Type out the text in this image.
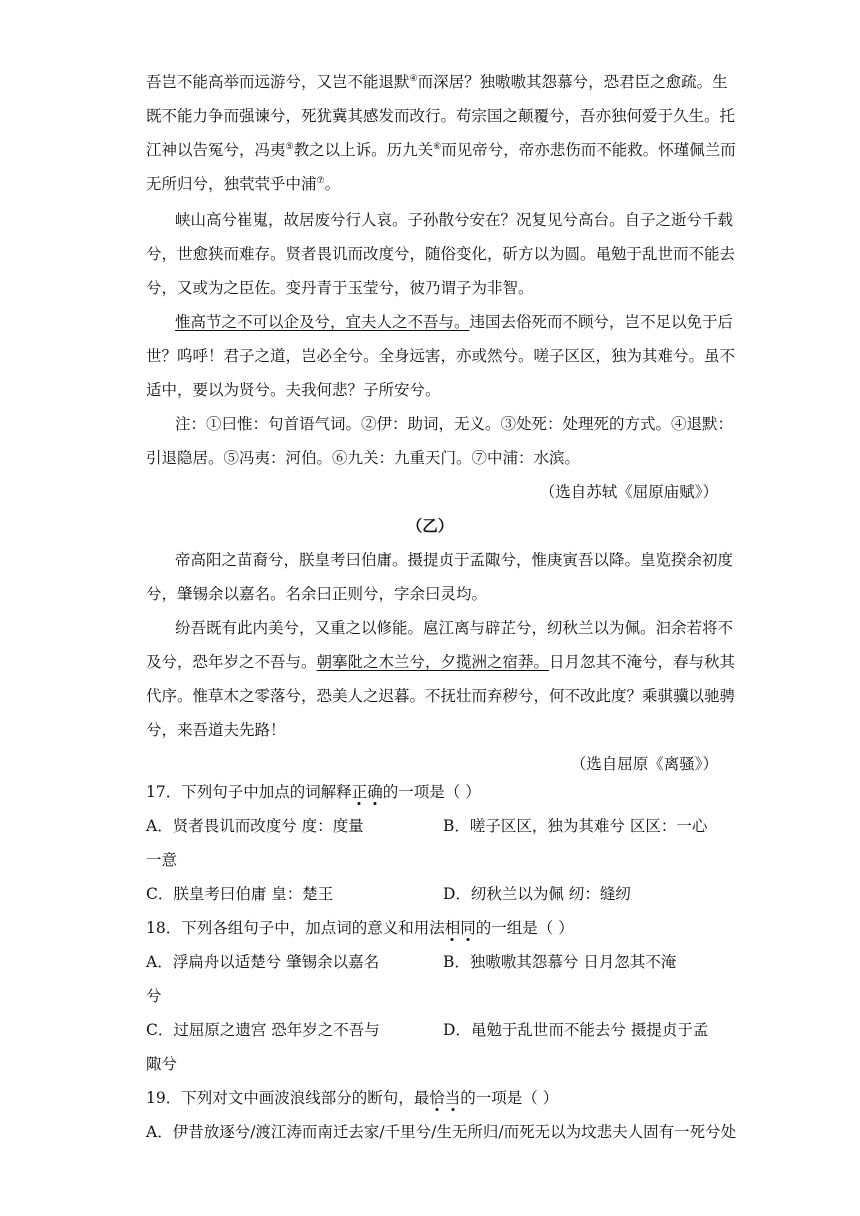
吾岂不能高举而远游兮，又岂不能退默④而深居？独嗷嗷其怨慕兮，恐君臣之愈疏。生
既不能力争而强谏兮，死犹冀其感发而改行。苟宗国之颠覆兮，吾亦独何爱于久生。托
江神以告冤兮，冯夷⑤教之以上诉。历九关⑥而见帝兮，帝亦悲伤而不能救。怀瑾佩兰而
无所归兮，独茕茕乎中浦⑦。
峡山高兮崔嵬，故居废兮行人哀。子孙散兮安在？况复见兮高台。自子之逝兮千载
兮，世愈狭而难存。贤者畏讥而改度兮，随俗变化，斫方以为圆。黾勉于乱世而不能去
兮，又或为之臣佐。变丹青于玉莹兮，彼乃谓子为非智。
惟高节之不可以企及兮，宜夫人之不吾与。违国去俗死而不顾兮，岂不足以免于后
世？呜呼！君子之道，岂必全兮。全身远害，亦或然兮。嗟子区区，独为其难兮。虽不
适中，要以为贤兮。夫我何悲？子所安兮。
注：①曰惟：句首语气词。②伊：助词，无义。③处死：处理死的方式。④退默：
引退隐居。⑤冯夷：河伯。⑥九关：九重天门。⑦中浦：水滨。
（选自苏轼《屈原庙赋》）
（乙）
帝高阳之苗裔兮，朕皇考曰伯庸。摄提贞于孟陬兮，惟庚寅吾以降。皇览揆余初度
兮，肇锡余以嘉名。名余曰正则兮，字余曰灵均。
纷吾既有此内美兮，又重之以修能。扈江离与辟芷兮，纫秋兰以为佩。汩余若将不
及兮，恐年岁之不吾与。朝搴阰之木兰兮，夕揽洲之宿莽。日月忽其不淹兮，春与秋其
代序。惟草木之零落兮，恐美人之迟暮。不抚壮而弃秽兮，何不改此度？乘骐骥以驰骋
兮，来吾道夫先路！
（选自屈原《离骚》）
17．下列句子中加点的词解释正确的一项是（ ）
A．贤者畏讥而改度兮 度：度量	B．嗟子区区，独为其难兮 区区：一心
一意
C．朕皇考曰伯庸 皇：楚王	D．纫秋兰以为佩 纫：缝纫
18．下列各组句子中，加点词的意义和用法相同的一组是（ ）
A．浮扁舟以适楚兮 肇锡余以嘉名	B．独嗷嗷其怨慕兮 日月忽其不淹
兮
C．过屈原之遗宫 恐年岁之不吾与	D．黾勉于乱世而不能去兮 摄提贞于孟
陬兮
19．下列对文中画波浪线部分的断句，最恰当的一项是（ ）
A．伊昔放逐兮/渡江涛而南迁去家/千里兮/生无所归/而死无以为坟悲夫人固有一死兮处
